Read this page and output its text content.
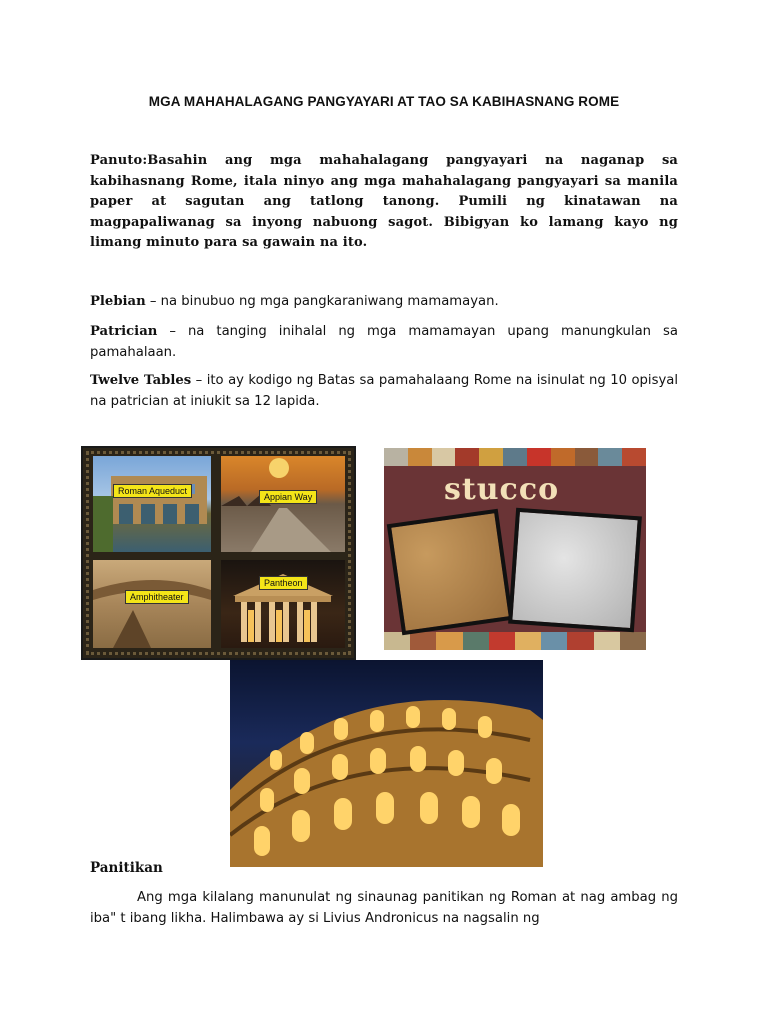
MGA MAHAHALAGANG PANGYAYARI AT TAO SA KABIHASNANG ROME
Panuto:Basahin ang mga mahahalagang pangyayari na naganap sa kabihasnang Rome, itala ninyo ang mga mahahalagang pangyayari sa manila paper at sagutan ang tatlong tanong. Pumili ng kinatawan na magpapaliwanag sa inyong nabuong sagot. Bibigyan ko lamang kayo ng limang minuto para sa gawain na ito.
Plebian – na binubuo ng mga pangkaraniwang mamamayan.
Patrician – na tanging inihalal ng mga mamamayan upang manungkulan sa pamahalaan.
Twelve Tables – ito ay kodigo ng Batas sa pamahalaang Rome na isinulat ng 10 opisyal na patrician at iniukit sa 12 lapida.
Roman Aqueduct
Appian Way
Amphitheater
Pantheon
stucco
Panitikan
Ang mga kilalang manunulat ng sinaunag panitikan ng Roman at nag ambag ng iba" t ibang likha. Halimbawa ay si Livius Andronicus na nagsalin ng
